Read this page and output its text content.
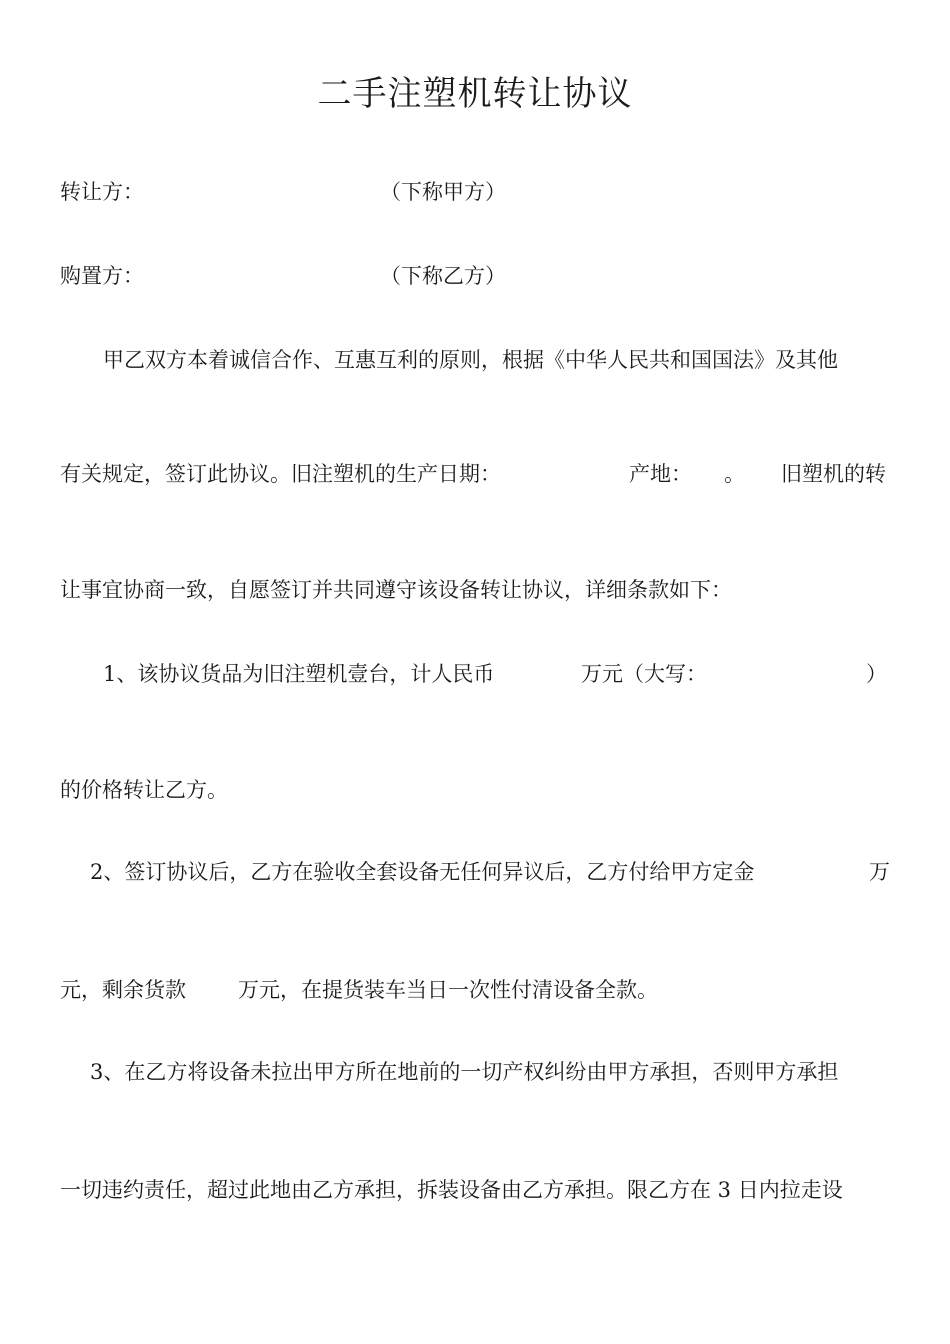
二手注塑机转让协议
转让方：	（下称甲方）
购置方：	（下称乙方）
甲乙双方本着诚信合作、互惠互利的原则，根据《中华人民共和国国法》及其他
有关规定，签订此协议。旧注塑机的生产日期：	产地： 。 旧塑机的转
让事宜协商一致，自愿签订并共同遵守该设备转让协议，详细条款如下：
1、该协议货品为旧注塑机壹台，计人民币	万元（大写：	）
的价格转让乙方。
2、签订协议后，乙方在验收全套设备无任何异议后，乙方付给甲方定金	万
元，剩余货款 万元，在提货装车当日一次性付清设备全款。
3、在乙方将设备未拉出甲方所在地前的一切产权纠纷由甲方承担，否则甲方承担
一切违约责任，超过此地由乙方承担，拆装设备由乙方承担。限乙方在 3 日内拉走设
